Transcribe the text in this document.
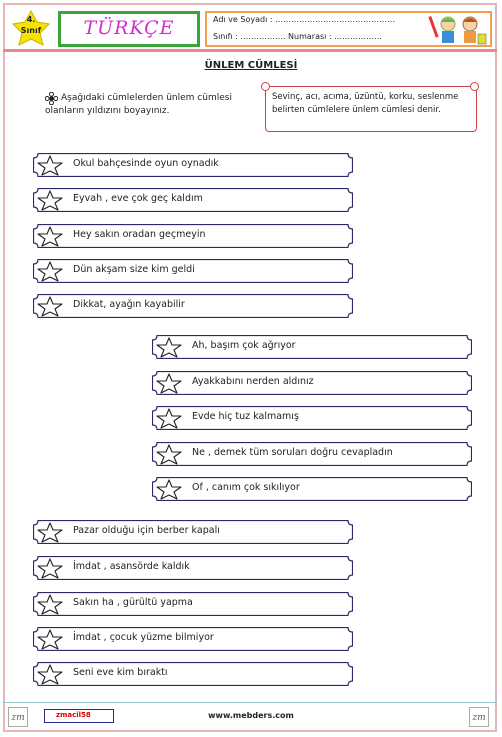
4.
Sınıf	TÜRKÇE	Adı ve Soyadı : ………………………………………
Sınıfı : …………….. Numarası : ……………...
ÜNLEM CÜMLESİ
Aşağıdaki cümlelerden ünlem cümlesi olanların yıldızını boyayınız.
Sevinç, acı, acıma, üzüntü, korku, seslenme belirten cümlelere ünlem cümlesi denir.
Okul bahçesinde oyun oynadık
Eyvah , eve çok geç kaldım
Hey sakın oradan geçmeyin
Dün akşam size kim geldi
Dikkat, ayağın kayabilir
Ah, başım çok ağrıyor
Ayakkabını nerden aldınız
Evde hiç tuz kalmamış
Ne , demek tüm soruları doğru cevapladın
Of , canım çok sıkılıyor
Pazar olduğu için berber kapalı
İmdat , asansörde kaldık
Sakın ha , gürültü yapma
İmdat , çocuk yüzme bilmiyor
Seni eve kim bıraktı
zm	zmacil58	www.mebders.com	zm
